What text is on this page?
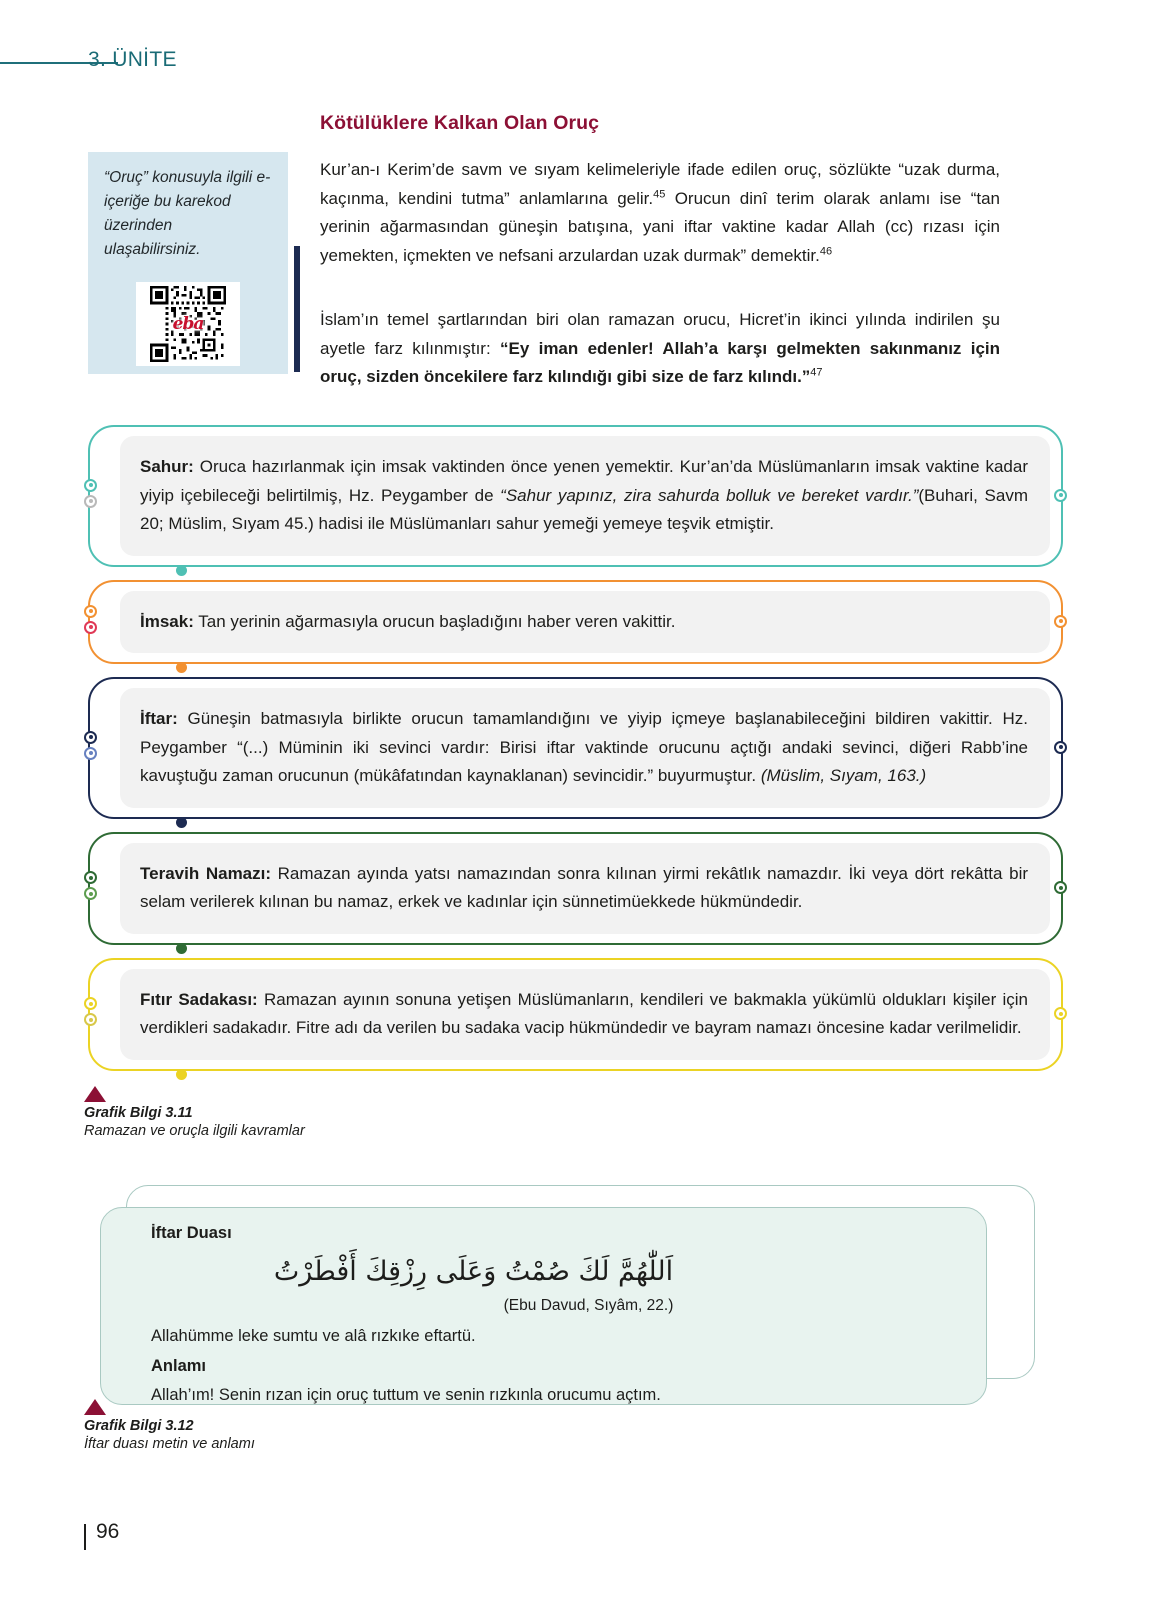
3. ÜNİTE
“Oruç” konusuyla ilgili e-içeriğe bu karekod üzerinden ulaşabilirsiniz.
eba
Kötülüklere Kalkan Olan Oruç
Kur’an-ı Kerim’de savm ve sıyam kelimeleriyle ifade edilen oruç, sözlükte “uzak durma, kaçınma, kendini tutma” anlamlarına gelir.$^{45}$ Orucun dinî terim olarak anlamı ise “tan yerinin ağarmasından güneşin batışına, yani iftar vaktine kadar Allah (cc) rızası için yemekten, içmekten ve nefsani arzulardan uzak durmak” demektir.$^{46}$
İslam’ın temel şartlarından biri olan ramazan orucu, Hicret’in ikinci yılında indirilen şu ayetle farz kılınmıştır: “Ey iman edenler! Allah’a karşı gelmekten sakınmanız için oruç, sizden öncekilere farz kılındığı gibi size de farz kılındı.”$^{47}$
Sahur: Oruca hazırlanmak için imsak vaktinden önce yenen yemektir. Kur’an’da Müslümanların imsak vaktine kadar yiyip içebileceği belirtilmiş, Hz. Peygamber de “Sahur yapınız, zira sahurda bolluk ve bereket vardır.”(Buhari, Savm 20; Müslim, Sıyam 45.) hadisi ile Müslümanları sahur yemeği yemeye teşvik etmiştir.
İmsak: Tan yerinin ağarmasıyla orucun başladığını haber veren vakittir.
İftar: Güneşin batmasıyla birlikte orucun tamamlandığını ve yiyip içmeye başlanabileceğini bildiren vakittir. Hz. Peygamber “(...) Müminin iki sevinci vardır: Birisi iftar vaktinde orucunu açtığı andaki sevinci, diğeri Rabb’ine kavuştuğu zaman orucunun (mükâfatından kaynaklanan) sevincidir.” buyurmuştur. (Müslim, Sıyam, 163.)
Teravih Namazı: Ramazan ayında yatsı namazından sonra kılınan yirmi rekâtlık namazdır. İki veya dört rekâtta bir selam verilerek kılınan bu namaz, erkek ve kadınlar için sünnetimüekkede hükmündedir.
Fıtır Sadakası: Ramazan ayının sonuna yetişen Müslümanların, kendileri ve bakmakla yükümlü oldukları kişiler için verdikleri sadakadır. Fitre adı da verilen bu sadaka vacip hükmündedir ve bayram namazı öncesine kadar verilmelidir.
Grafik Bilgi 3.11
Ramazan ve oruçla ilgili kavramlar
İftar Duası
اَللّٰهُمَّ لَكَ صُمْتُ وَعَلَى رِزْقِكَ أَفْطَرْتُ
(Ebu Davud, Sıyâm, 22.)
Allahümme leke sumtu ve alâ rızkıke eftartü.
Anlamı
Allah’ım! Senin rızan için oruç tuttum ve senin rızkınla orucumu açtım.
Grafik Bilgi 3.12
İftar duası metin ve anlamı
96
